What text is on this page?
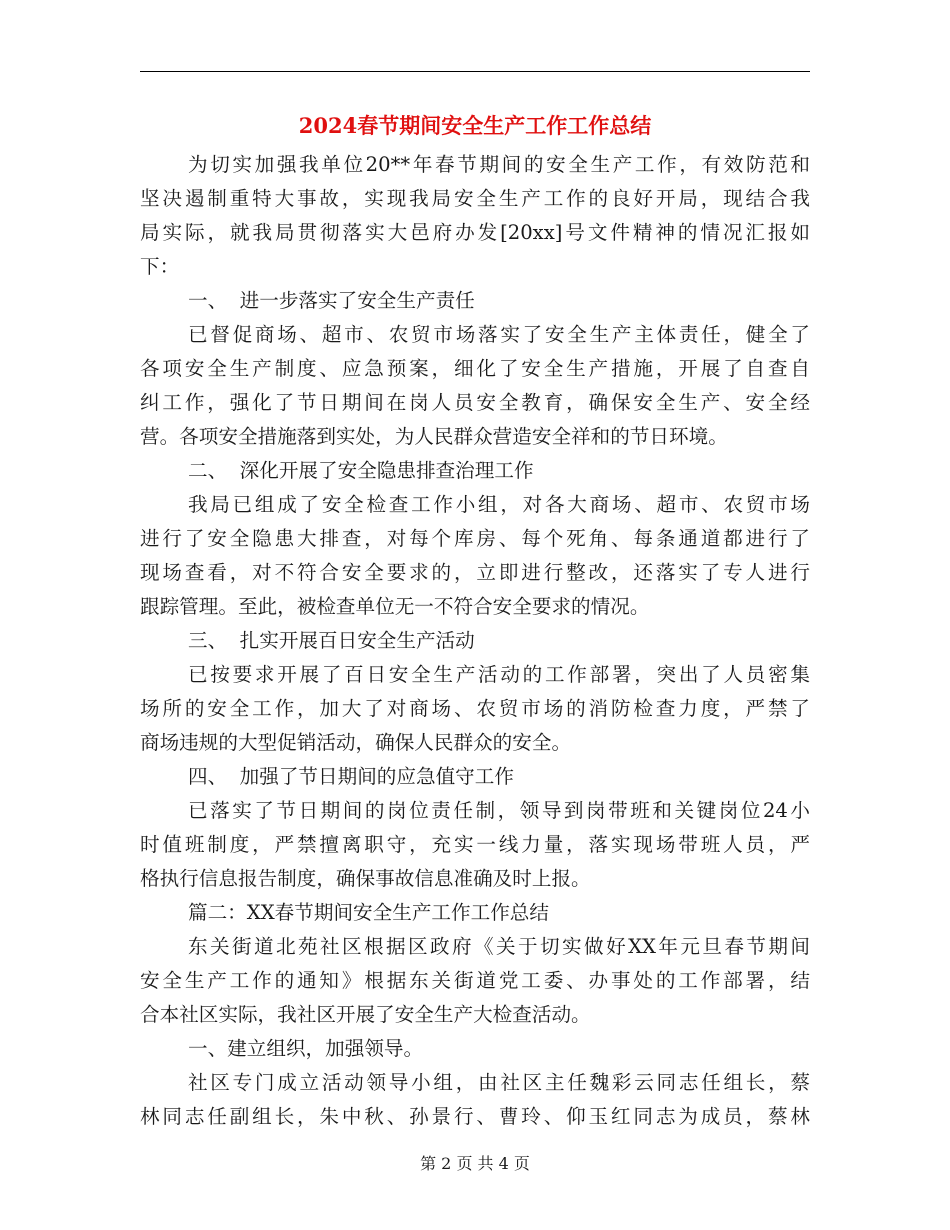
2024春节期间安全生产工作工作总结
为切实加强我单位20**年春节期间的安全生产工作，有效防范和
坚决遏制重特大事故，实现我局安全生产工作的良好开局，现结合我
局实际，就我局贯彻落实大邑府办发[20xx]号文件精神的情况汇报如
下：
一、  进一步落实了安全生产责任
已督促商场、超市、农贸市场落实了安全生产主体责任，健全了
各项安全生产制度、应急预案，细化了安全生产措施，开展了自查自
纠工作，强化了节日期间在岗人员安全教育，确保安全生产、安全经
营。各项安全措施落到实处，为人民群众营造安全祥和的节日环境。
二、  深化开展了安全隐患排查治理工作
我局已组成了安全检查工作小组，对各大商场、超市、农贸市场
进行了安全隐患大排查，对每个库房、每个死角、每条通道都进行了
现场查看，对不符合安全要求的，立即进行整改，还落实了专人进行
跟踪管理。至此，被检查单位无一不符合安全要求的情况。
三、  扎实开展百日安全生产活动
已按要求开展了百日安全生产活动的工作部署，突出了人员密集
场所的安全工作，加大了对商场、农贸市场的消防检查力度，严禁了
商场违规的大型促销活动，确保人民群众的安全。
四、  加强了节日期间的应急值守工作
已落实了节日期间的岗位责任制，领导到岗带班和关键岗位24小
时值班制度，严禁擅离职守，充实一线力量，落实现场带班人员，严
格执行信息报告制度，确保事故信息准确及时上报。
篇二：XX春节期间安全生产工作工作总结
东关街道北苑社区根据区政府《关于切实做好XX年元旦春节期间
安全生产工作的通知》根据东关街道党工委、办事处的工作部署，结
合本社区实际，我社区开展了安全生产大检查活动。
一、建立组织，加强领导。
社区专门成立活动领导小组，由社区主任魏彩云同志任组长，蔡
林同志任副组长，朱中秋、孙景行、曹玲、仰玉红同志为成员，蔡林
第 2 页 共 4 页
